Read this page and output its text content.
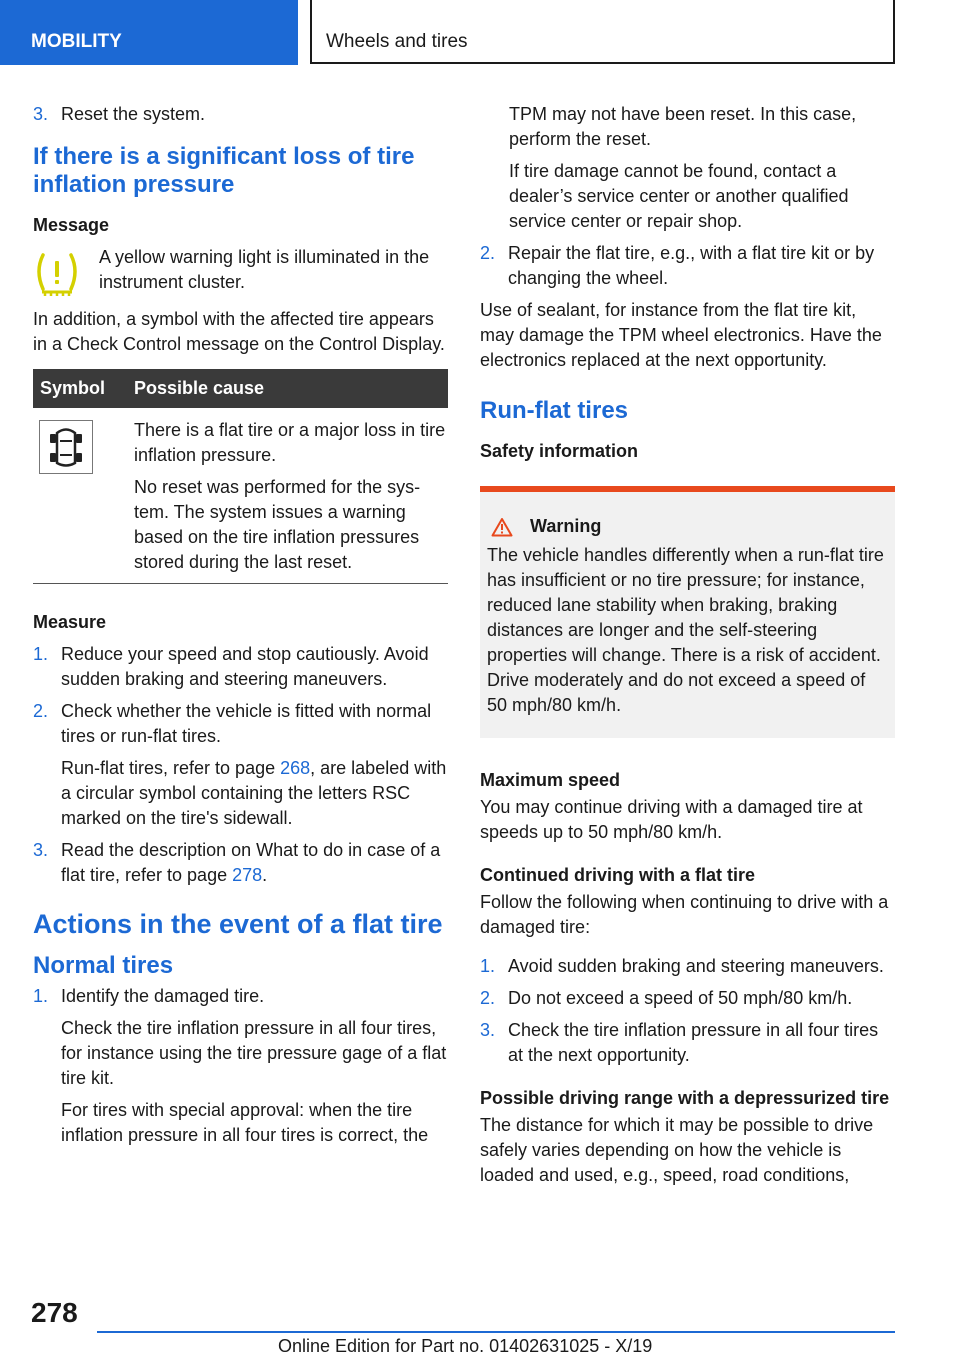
MOBILITY	Wheels and tires
3. Reset the system.

If there is a significant loss of tire inflation pressure
Message

A yellow warning light is illuminated in the instrument cluster.

In addition, a symbol with the affected tire appears in a Check Control message on the Control Display.

Symbol	Possible cause

There is a flat tire or a major loss in tire inflation pressure.

No reset was performed for the system. The system issues a warning based on the tire inflation pressures stored during the last reset.

Measure
1. Reduce your speed and stop cautiously. Avoid sudden braking and steering maneuvers.

2. Check whether the vehicle is fitted with normal tires or run-flat tires.

Run-flat tires, refer to page 268, are labeled with a circular symbol containing the letters RSC marked on the tire's sidewall.

3. Read the description on What to do in case of a flat tire, refer to page 278.

Actions in the event of a flat tire
Normal tires
1. Identify the damaged tire.

Check the tire inflation pressure in all four tires, for instance using the tire pressure gage of a flat tire kit.

For tires with special approval: when the tire inflation pressure in all four tires is correct, the

TPM may not have been reset. In this case, perform the reset.

If tire damage cannot be found, contact a dealer’s service center or another qualified service center or repair shop.

2. Repair the flat tire, e.g., with a flat tire kit or by changing the wheel.

Use of sealant, for instance from the flat tire kit, may damage the TPM wheel electronics. Have the electronics replaced at the next opportunity.

Run-flat tires
Safety information
Warning

The vehicle handles differently when a run-flat tire has insufficient or no tire pressure; for instance, reduced lane stability when braking, braking distances are longer and the self-steering properties will change. There is a risk of accident. Drive moderately and do not exceed a speed of 50 mph/80 km/h.

Maximum speed

You may continue driving with a damaged tire at speeds up to 50 mph/80 km/h.

Continued driving with a flat tire

Follow the following when continuing to drive with a damaged tire:

1. Avoid sudden braking and steering maneuvers.

2. Do not exceed a speed of 50 mph/80 km/h.

3. Check the tire inflation pressure in all four tires at the next opportunity.

Possible driving range with a depressurized tire

The distance for which it may be possible to drive safely varies depending on how the vehicle is loaded and used, e.g., speed, road conditions,

278
Online Edition for Part no. 01402631025 - X/19
